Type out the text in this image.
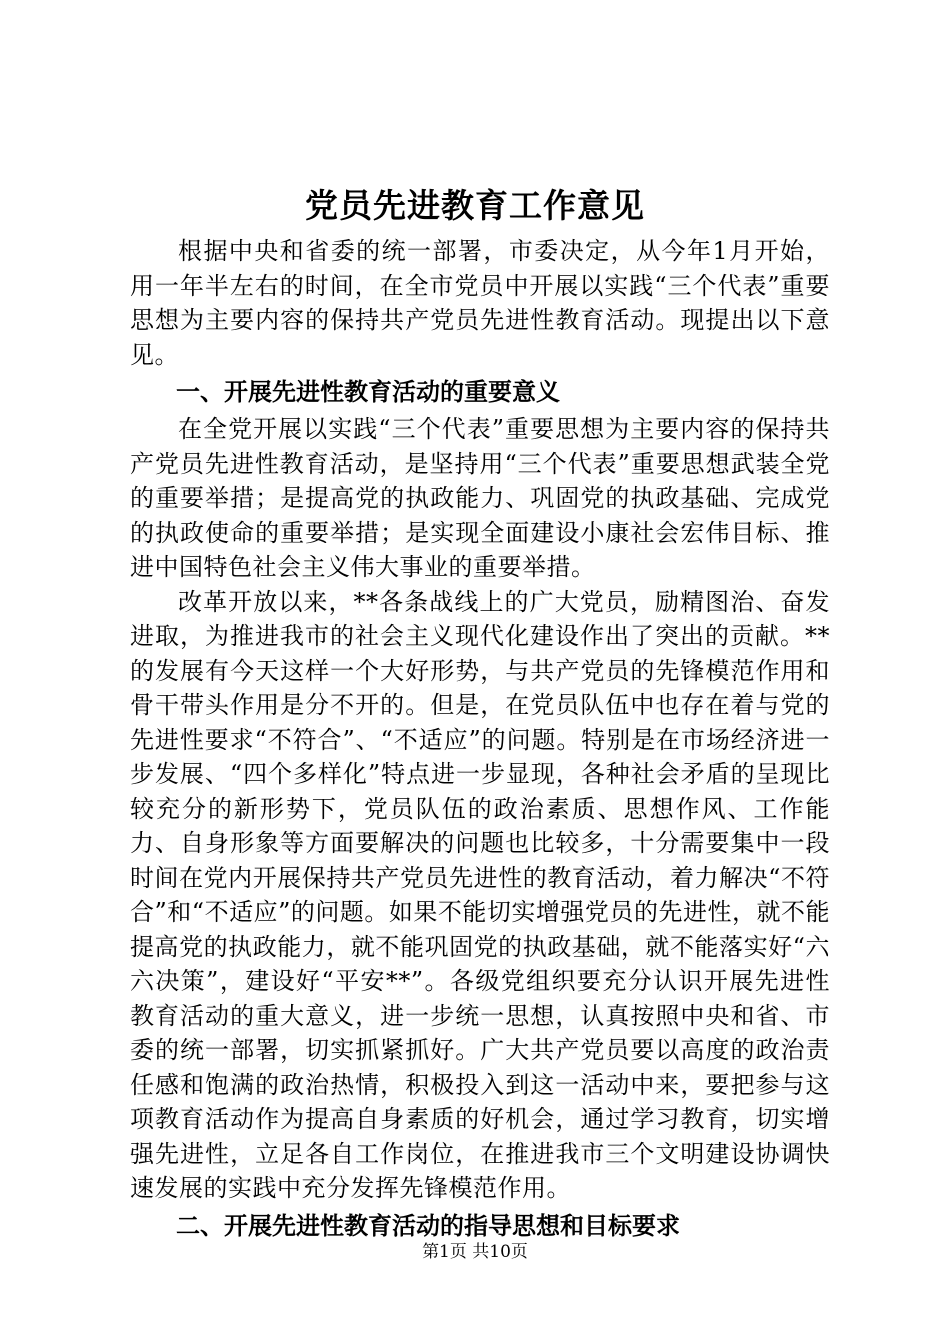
党员先进教育工作意见

根据中央和省委的统一部署，市委决定，从今年1月开始，用一年半左右的时间，在全市党员中开展以实践“三个代表”重要思想为主要内容的保持共产党员先进性教育活动。现提出以下意见。

一、开展先进性教育活动的重要意义

在全党开展以实践“三个代表”重要思想为主要内容的保持共产党员先进性教育活动，是坚持用“三个代表”重要思想武装全党的重要举措；是提高党的执政能力、巩固党的执政基础、完成党的执政使命的重要举措；是实现全面建设小康社会宏伟目标、推进中国特色社会主义伟大事业的重要举措。

改革开放以来，**各条战线上的广大党员，励精图治、奋发进取，为推进我市的社会主义现代化建设作出了突出的贡献。**的发展有今天这样一个大好形势，与共产党员的先锋模范作用和骨干带头作用是分不开的。但是，在党员队伍中也存在着与党的先进性要求“不符合”、“不适应”的问题。特别是在市场经济进一步发展、“四个多样化”特点进一步显现，各种社会矛盾的呈现比较充分的新形势下，党员队伍的政治素质、思想作风、工作能力、自身形象等方面要解决的问题也比较多，十分需要集中一段时间在党内开展保持共产党员先进性的教育活动，着力解决“不符合”和“不适应”的问题。如果不能切实增强党员的先进性，就不能提高党的执政能力，就不能巩固党的执政基础，就不能落实好“六六决策”，建设好“平安**”。各级党组织要充分认识开展先进性教育活动的重大意义，进一步统一思想，认真按照中央和省、市委的统一部署，切实抓紧抓好。广大共产党员要以高度的政治责任感和饱满的政治热情，积极投入到这一活动中来，要把参与这项教育活动作为提高自身素质的好机会，通过学习教育，切实增强先进性，立足各自工作岗位，在推进我市三个文明建设协调快速发展的实践中充分发挥先锋模范作用。

二、开展先进性教育活动的指导思想和目标要求

第1页 共10页
